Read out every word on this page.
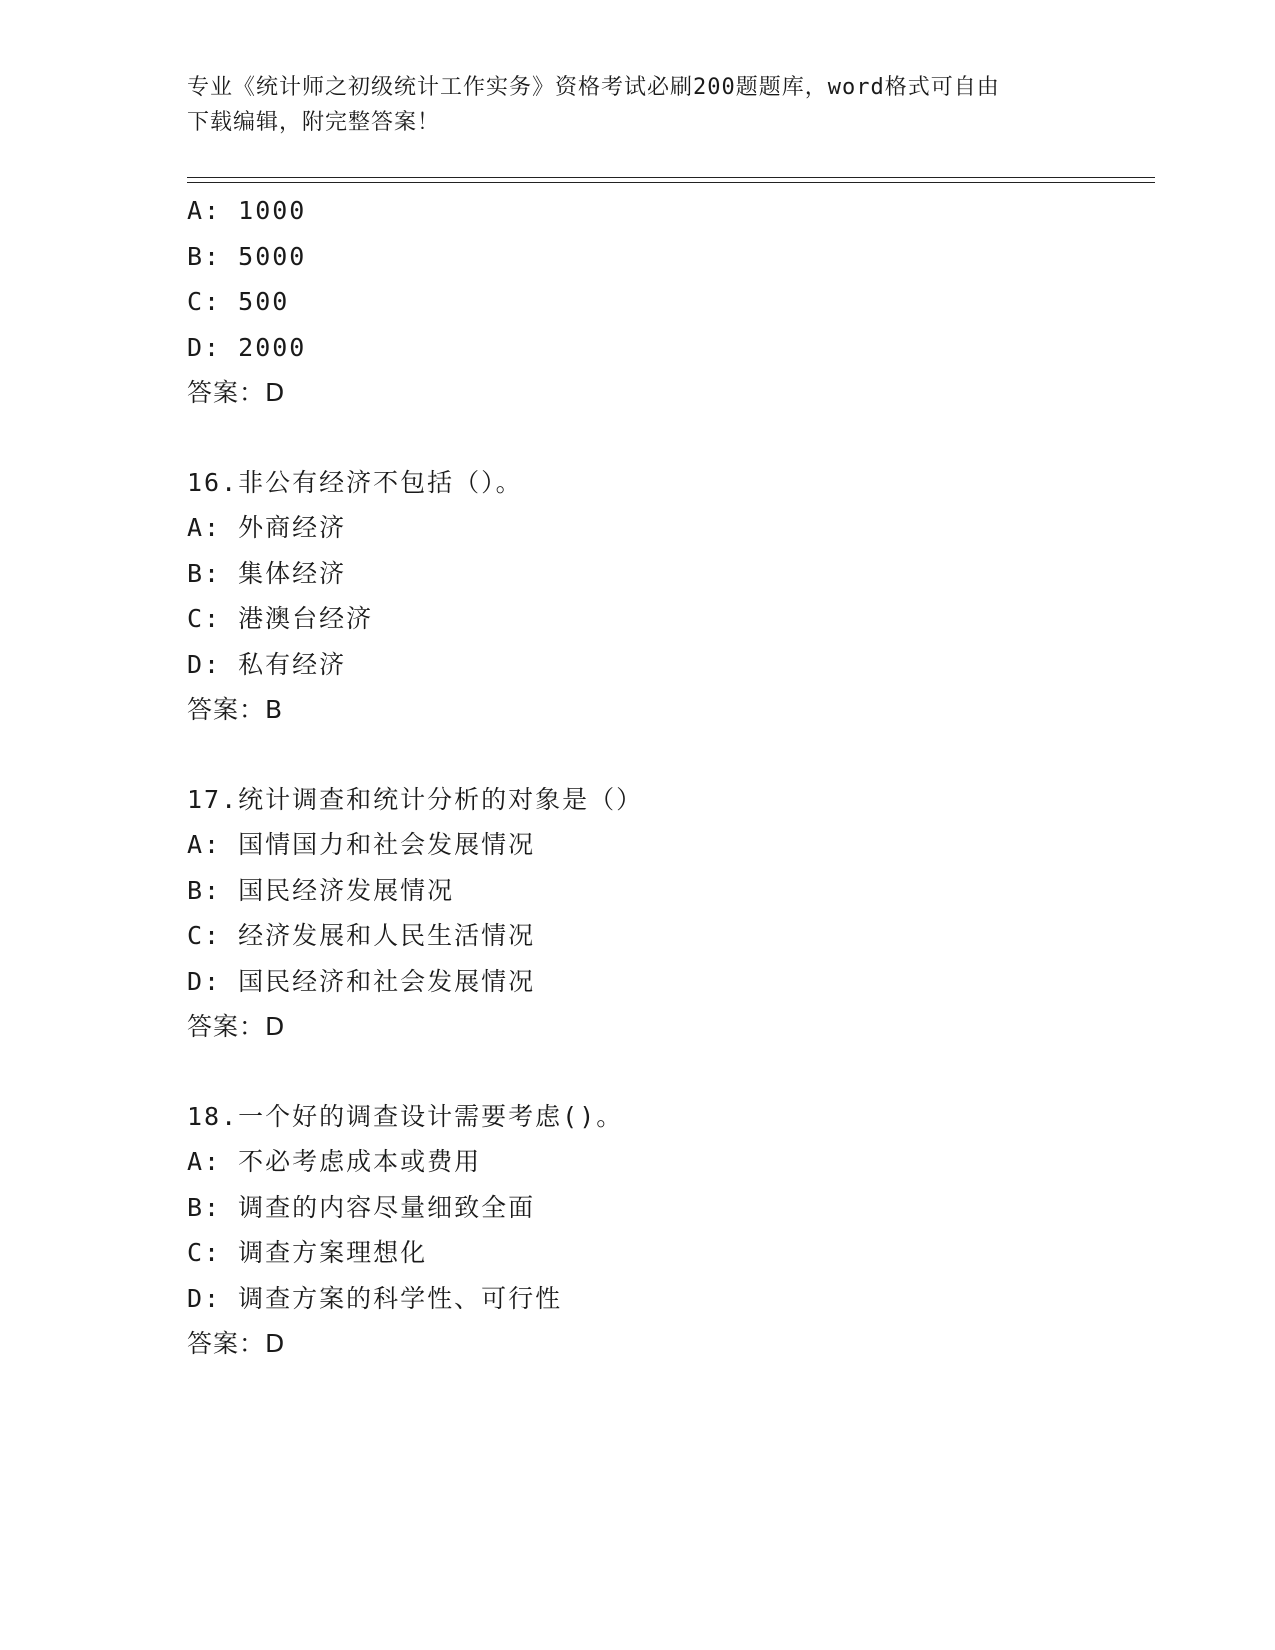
专业《统计师之初级统计工作实务》资格考试必刷200题题库，word格式可自由
下载编辑，附完整答案！
A: 1000
B: 5000
C: 500
D: 2000
答案：D
16.非公有经济不包括（）。
A: 外商经济
B: 集体经济
C: 港澳台经济
D: 私有经济
答案：B
17.统计调查和统计分析的对象是（）
A: 国情国力和社会发展情况
B: 国民经济发展情况
C: 经济发展和人民生活情况
D: 国民经济和社会发展情况
答案：D
18.一个好的调查设计需要考虑()。
A: 不必考虑成本或费用
B: 调查的内容尽量细致全面
C: 调查方案理想化
D: 调查方案的科学性、可行性
答案：D
